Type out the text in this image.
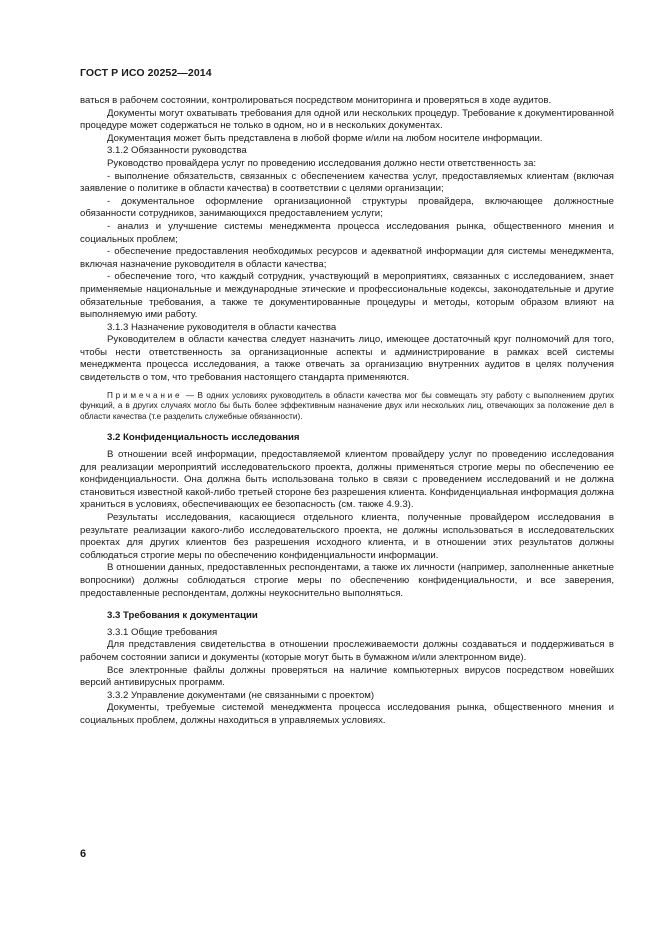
ГОСТ Р ИСО 20252—2014

ваться в рабочем состоянии, контролироваться посредством мониторинга и проверяться в ходе аудитов.

Документы могут охватывать требования для одной или нескольких процедур. Требование к документированной процедуре может содержаться не только в одном, но и в нескольких документах.

Документация может быть представлена в любой форме и/или на любом носителе информации.

3.1.2 Обязанности руководства

Руководство провайдера услуг по проведению исследования должно нести ответственность за:

- выполнение обязательств, связанных с обеспечением качества услуг, предоставляемых клиентам (включая заявление о политике в области качества) в соответствии с целями организации;

- документальное оформление организационной структуры провайдера, включающее должностные обязанности сотрудников, занимающихся предоставлением услуги;

- анализ и улучшение системы менеджмента процесса исследования рынка, общественного мнения и социальных проблем;

- обеспечение предоставления необходимых ресурсов и адекватной информации для системы менеджмента, включая назначение руководителя в области качества;

- обеспечение того, что каждый сотрудник, участвующий в мероприятиях, связанных с исследованием, знает применяемые национальные и международные этические и профессиональные кодексы, законодательные и другие обязательные требования, а также те документированные процедуры и методы, которым образом влияют на выполняемую ими работу.

3.1.3 Назначение руководителя в области качества

Руководителем в области качества следует назначить лицо, имеющее достаточный круг полномочий для того, чтобы нести ответственность за организационные аспекты и администрирование в рамках всей системы менеджмента процесса исследования, а также отвечать за организацию внутренних аудитов в целях получения свидетельств о том, что требования настоящего стандарта применяются.

Примечание — В одних условиях руководитель в области качества мог бы совмещать эту работу с выполнением других функций, а в других случаях могло бы быть более эффективным назначение двух или нескольких лиц, отвечающих за положение дел в области качества (т.е разделить служебные обязанности).

3.2 Конфиденциальность исследования

В отношении всей информации, предоставляемой клиентом провайдеру услуг по проведению исследования для реализации мероприятий исследовательского проекта, должны применяться строгие меры по обеспечению ее конфиденциальности. Она должна быть использована только в связи с проведением исследований и не должна становиться известной какой-либо третьей стороне без разрешения клиента. Конфиденциальная информация должна храниться в условиях, обеспечивающих ее безопасность (см. также 4.9.3).

Результаты исследования, касающиеся отдельного клиента, полученные провайдером исследования в результате реализации какого-либо исследовательского проекта, не должны использоваться в исследовательских проектах для других клиентов без разрешения исходного клиента, и в отношении этих результатов должны соблюдаться строгие меры по обеспечению конфиденциальности информации.

В отношении данных, предоставленных респондентами, а также их личности (например, заполненные анкетные вопросники) должны соблюдаться строгие меры по обеспечению конфиденциальности, и все заверения, предоставленные респондентам, должны неукоснительно выполняться.

3.3 Требования к документации

3.3.1 Общие требования

Для представления свидетельства в отношении прослеживаемости должны создаваться и поддерживаться в рабочем состоянии записи и документы (которые могут быть в бумажном и/или электронном виде).

Все электронные файлы должны проверяться на наличие компьютерных вирусов посредством новейших версий антивирусных программ.

3.3.2 Управление документами (не связанными с проектом)

Документы, требуемые системой менеджмента процесса исследования рынка, общественного мнения и социальных проблем, должны находиться в управляемых условиях.

6
